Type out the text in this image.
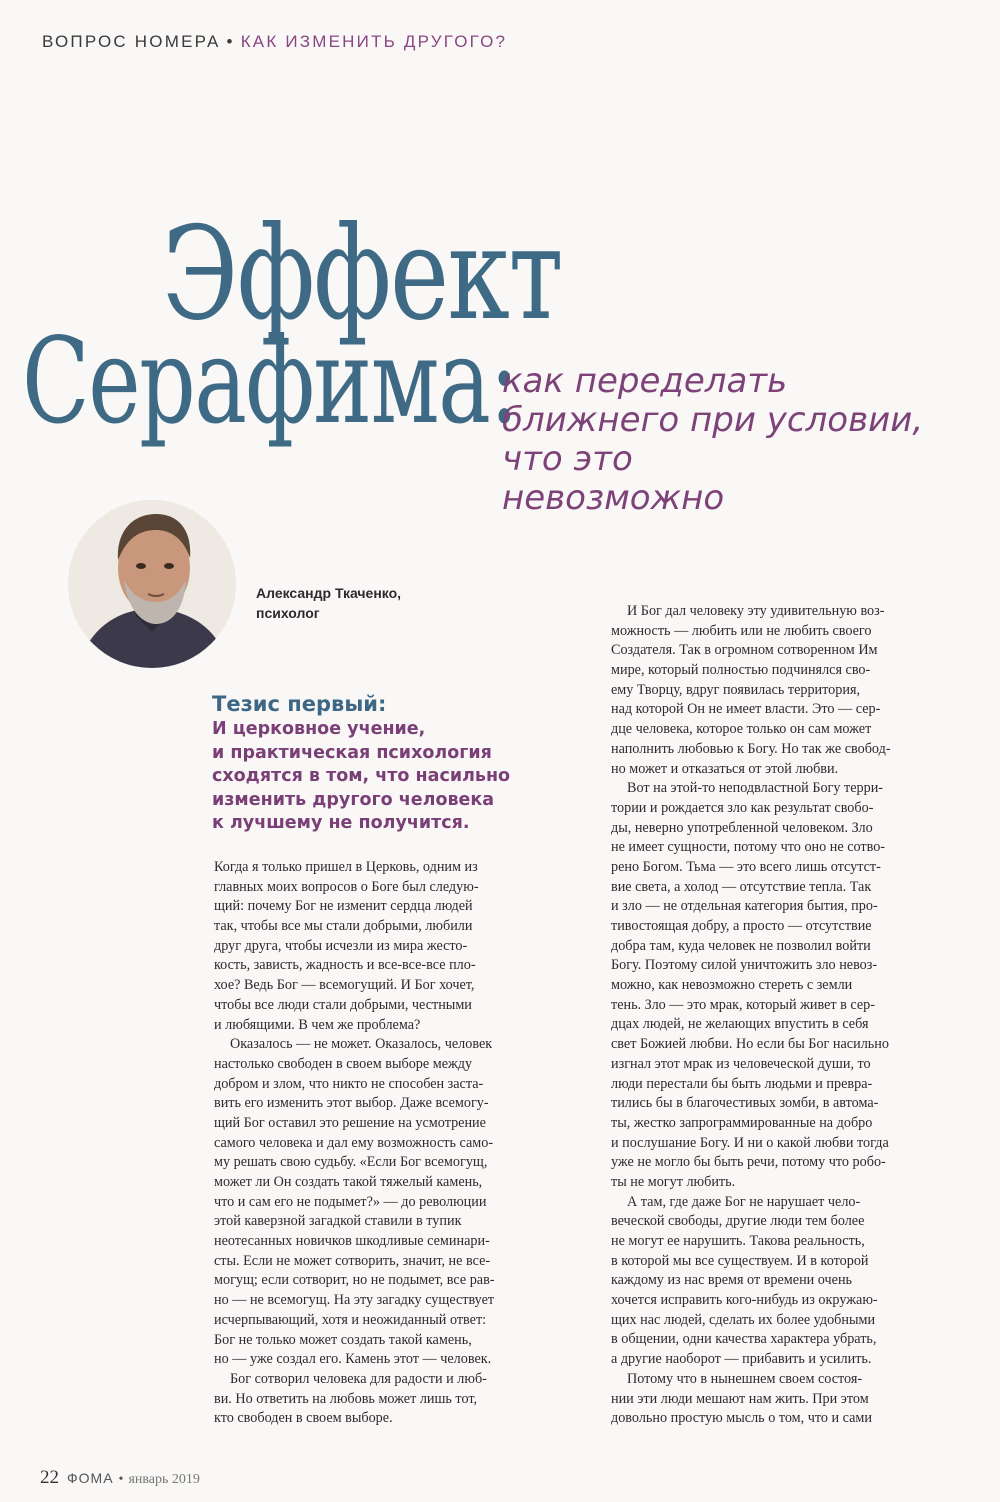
ВОПРОС НОМЕРА • КАК ИЗМЕНИТЬ ДРУГОГО?
Эффект
Серафима:
как переделать
ближнего при условии,
что это
невозможно
Александр Ткаченко,
психолог
Тезис первый:
И церковное учение,
и практическая психология
сходятся в том, что насильно
изменить другого человека
к лучшему не получится.
Когда я только пришел в Церковь, одним из
главных моих вопросов о Боге был следую-
щий: почему Бог не изменит сердца людей
так, чтобы все мы стали добрыми, любили
друг друга, чтобы исчезли из мира жесто-
кость, зависть, жадность и все-все-все пло-
хое? Ведь Бог — всемогущий. И Бог хочет,
чтобы все люди стали добрыми, честными
и любящими. В чем же проблема?
Оказалось — не может. Оказалось, человек
настолько свободен в своем выборе между
добром и злом, что никто не способен заста-
вить его изменить этот выбор. Даже всемогу-
щий Бог оставил это решение на усмотрение
самого человека и дал ему возможность само-
му решать свою судьбу. «Если Бог всемогущ,
может ли Он создать такой тяжелый камень,
что и сам его не подымет?» — до революции
этой каверзной загадкой ставили в тупик
неотесанных новичков шкодливые семинари-
сты. Если не может сотворить, значит, не все-
могущ; если сотворит, но не подымет, все рав-
но — не всемогущ. На эту загадку существует
исчерпывающий, хотя и неожиданный ответ:
Бог не только может создать такой камень,
но — уже создал его. Камень этот — человек.
Бог сотворил человека для радости и люб-
ви. Но ответить на любовь может лишь тот,
кто свободен в своем выборе.
И Бог дал человеку эту удивительную воз-
можность — любить или не любить своего
Создателя. Так в огромном сотворенном Им
мире, который полностью подчинялся сво-
ему Творцу, вдруг появилась территория,
над которой Он не имеет власти. Это — сер-
дце человека, которое только он сам может
наполнить любовью к Богу. Но так же свобод-
но может и отказаться от этой любви.
Вот на этой-то неподвластной Богу терри-
тории и рождается зло как результат свобо-
ды, неверно употребленной человеком. Зло
не имеет сущности, потому что оно не сотво-
рено Богом. Тьма — это всего лишь отсутст-
вие света, а холод — отсутствие тепла. Так
и зло — не отдельная категория бытия, про-
тивостоящая добру, а просто — отсутствие
добра там, куда человек не позволил войти
Богу. Поэтому силой уничтожить зло невоз-
можно, как невозможно стереть с земли
тень. Зло — это мрак, который живет в сер-
дцах людей, не желающих впустить в себя
свет Божией любви. Но если бы Бог насильно
изгнал этот мрак из человеческой души, то
люди перестали бы быть людьми и превра-
тились бы в благочестивых зомби, в автома-
ты, жестко запрограммированные на добро
и послушание Богу. И ни о какой любви тогда
уже не могло бы быть речи, потому что робо-
ты не могут любить.
А там, где даже Бог не нарушает чело-
веческой свободы, другие люди тем более
не могут ее нарушить. Такова реальность,
в которой мы все существуем. И в которой
каждому из нас время от времени очень
хочется исправить кого-нибудь из окружаю-
щих нас людей, сделать их более удобными
в общении, одни качества характера убрать,
а другие наоборот — прибавить и усилить.
Потому что в нынешнем своем состоя-
нии эти люди мешают нам жить. При этом
довольно простую мысль о том, что и сами
22 ФОМА • январь 2019
